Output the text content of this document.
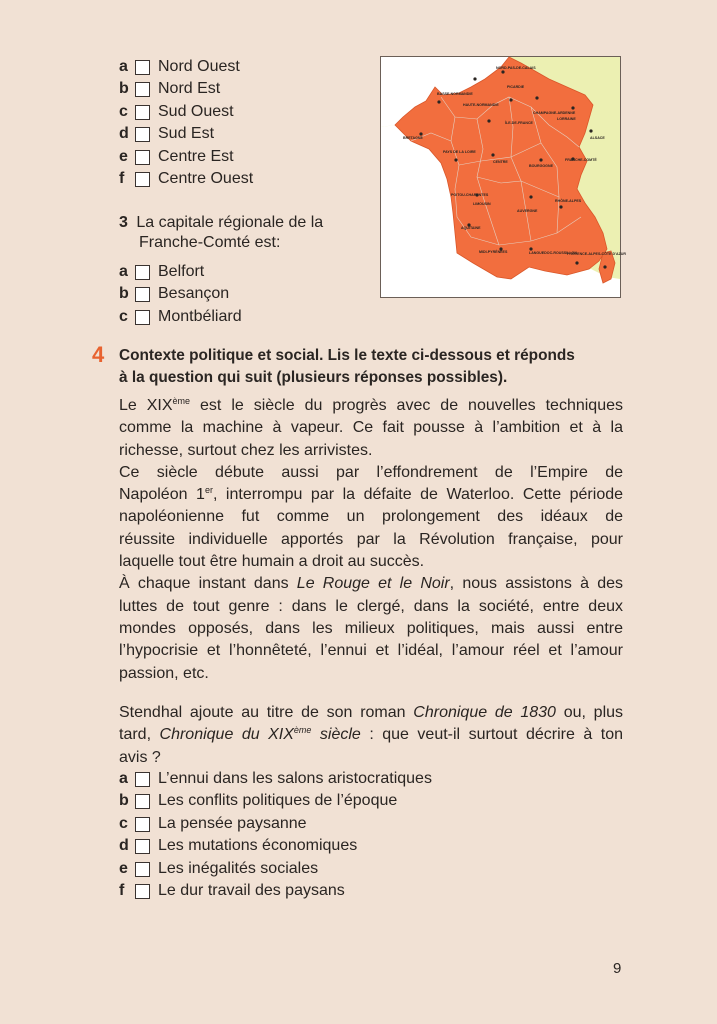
a	Nord Ouest
b Nord Est
c	Sud Ouest
d Sud Est
e	Centre Est
f	Centre Ouest
3 La capitale régionale de la
Franche-Comté est:
a	Belfort
b Besançon
c	Montbéliard
PICARDIE
HAUTE-NORMANDIE
CHAMPAGNE-ARDENNE
LORRAINE
ALSACE
BRETAGNE
ÎLE-DE-FRANCE
PAYS DE LA LOIRE
CENTRE
BOURGOGNE
FRANCHE-COMTÉ
POITOU-CHARENTES
LIMOUSIN
AUVERGNE
RHÔNE-ALPES
AQUITAINE
MIDI-PYRÉNÉES	LANGUEDOC-ROUSSILLON
PROVENCE-ALPES-CÔTE D'AZUR
BASSE-NORMANDIE
NORD-PAS-DE-CALAIS
4 Contexte politique et social. Lis le texte ci-dessous et réponds
à la question qui suit (plusieurs réponses possibles).
Le XIXème est le siècle du progrès avec de nouvelles techniques
comme la machine à vapeur. Ce fait pousse à l’ambition et à la
richesse, surtout chez les arrivistes.
Ce siècle débute aussi par l’effondrement de l’Empire de
Napoléon 1er, interrompu par la défaite de Waterloo. Cette période
napoléonienne fut comme un prolongement des idéaux de
réussite individuelle apportés par la Révolution française, pour
laquelle tout être humain a droit au succès.
À chaque instant dans Le Rouge et le Noir, nous assistons à des
luttes de tout genre : dans le clergé, dans la société, entre deux
mondes opposés, dans les milieux politiques, mais aussi entre
l’hypocrisie et l’honnêteté, l’ennui et l’idéal, l’amour réel et l’amour
passion, etc.
Stendhal ajoute au titre de son roman Chronique de 1830 ou, plus
tard, Chronique du XIXème siècle : que veut-il surtout décrire à ton
avis ?
a	L’ennui dans les salons aristocratiques
b Les conflits politiques de l’époque
c	La pensée paysanne
d Les mutations économiques
e	Les inégalités sociales
f	Le dur travail des paysans
9
